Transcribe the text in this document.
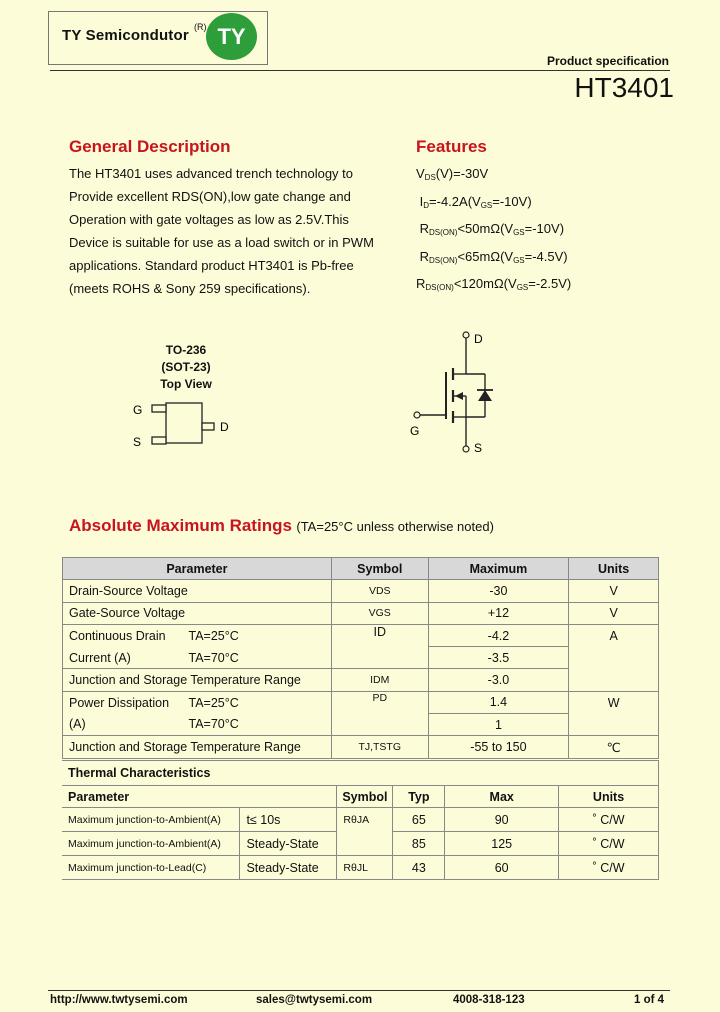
TY Semicondutor (R) TY
Product specification
HT3401
General Description
The HT3401 uses advanced trench technology to
Provide excellent RDS(ON),low gate change and
Operation with gate voltages as low as 2.5V.This
Device is suitable for use as a load switch or in PWM
applications. Standard product HT3401 is Pb-free
(meets ROHS & Sony 259 specifications).
Features
$V_{DS}(V)=-30V$
$I_D=-4.2A(V_{GS}=-10V)$
$R_{DS(ON)}<50m\Omega(V_{GS}=-10V)$
$R_{DS(ON)}<65m\Omega(V_{GS}=-4.5V)$
$R_{DS(ON)}<120m\Omega(V_{GS}=-2.5V)$
TO-236
(SOT-23)
Top View
G
S
D
D
G
S
Absolute Maximum Ratings (TA=25°C unless otherwise noted)
Parameter	Symbol	Maximum	Units
Drain-Source Voltage	VDS	-30	V
Gate-Source Voltage	VGS	+12	V
Continuous Drain TA=25°C	ID	-4.2	A
Current (A) TA=70°C		-3.5	
Junction and Storage Temperature Range	IDM	-3.0	
Power Dissipation TA=25°C	PD	1.4	W
(A) TA=70°C		1	
Junction and Storage Temperature Range	TJ,TSTG	-55 to 150	℃
Thermal Characteristics					
Parameter		Symbol	Typ	Max	Units
Maximum junction-to-Ambient(A)	t≤ 10s	RθJA	65	90	˚ C/W
Maximum junction-to-Ambient(A)	Steady-State		85	125	˚ C/W
Maximum junction-to-Lead(C)	Steady-State	RθJL	43	60	˚ C/W
http://www.twtysemi.com	sales@twtysemi.com	4008-318-123	1 of 4
